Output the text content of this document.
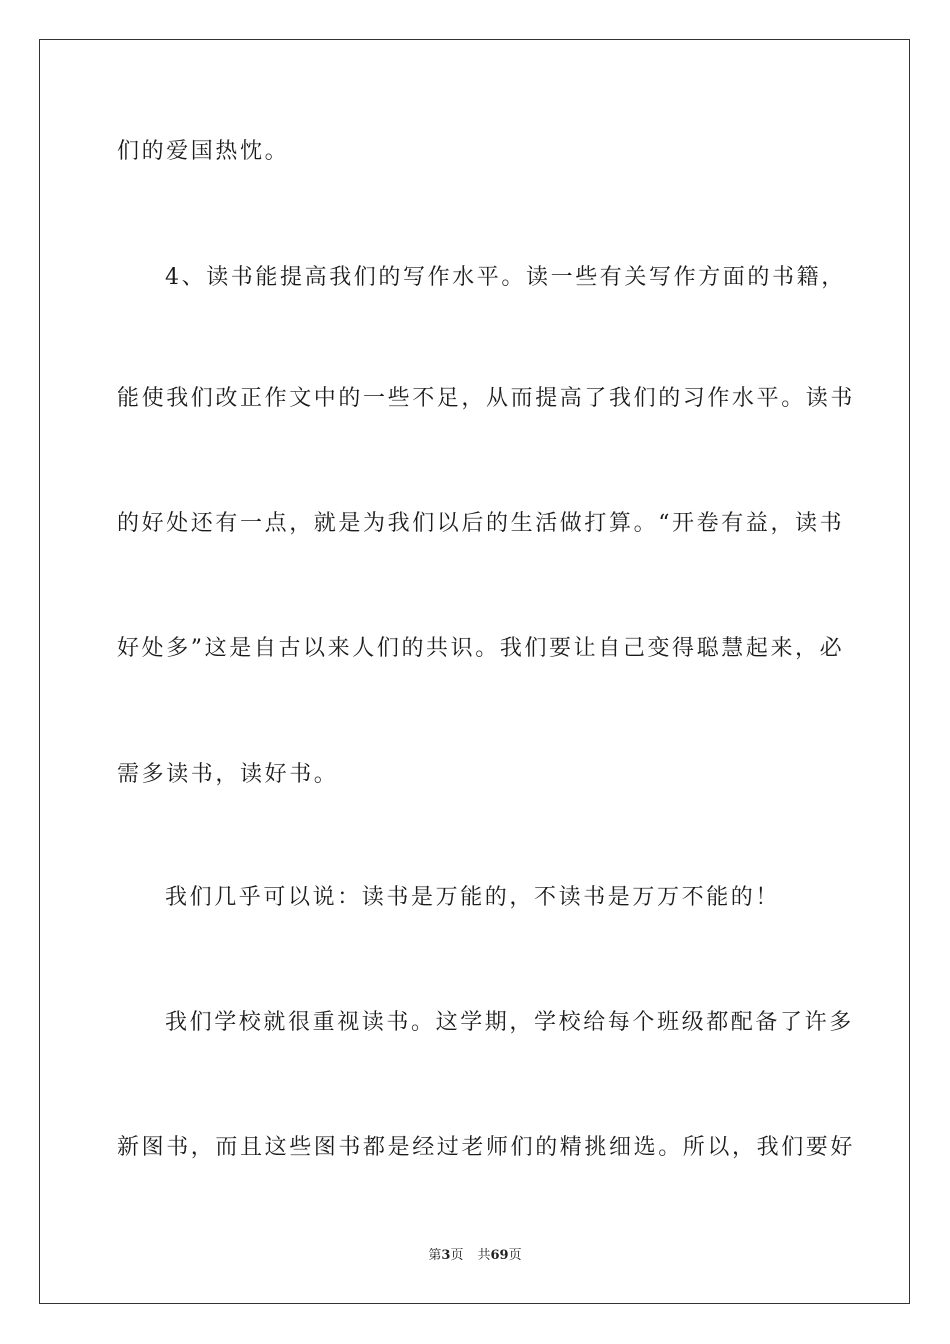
们的爱国热忱。
4、读书能提高我们的写作水平。读一些有关写作方面的书籍，
能使我们改正作文中的一些不足，从而提高了我们的习作水平。读书
的好处还有一点，就是为我们以后的生活做打算。“开卷有益，读书
好处多”这是自古以来人们的共识。我们要让自己变得聪慧起来，必
需多读书，读好书。
我们几乎可以说：读书是万能的，不读书是万万不能的！
我们学校就很重视读书。这学期，学校给每个班级都配备了许多
新图书，而且这些图书都是经过老师们的精挑细选。所以，我们要好
第3页 共69页
